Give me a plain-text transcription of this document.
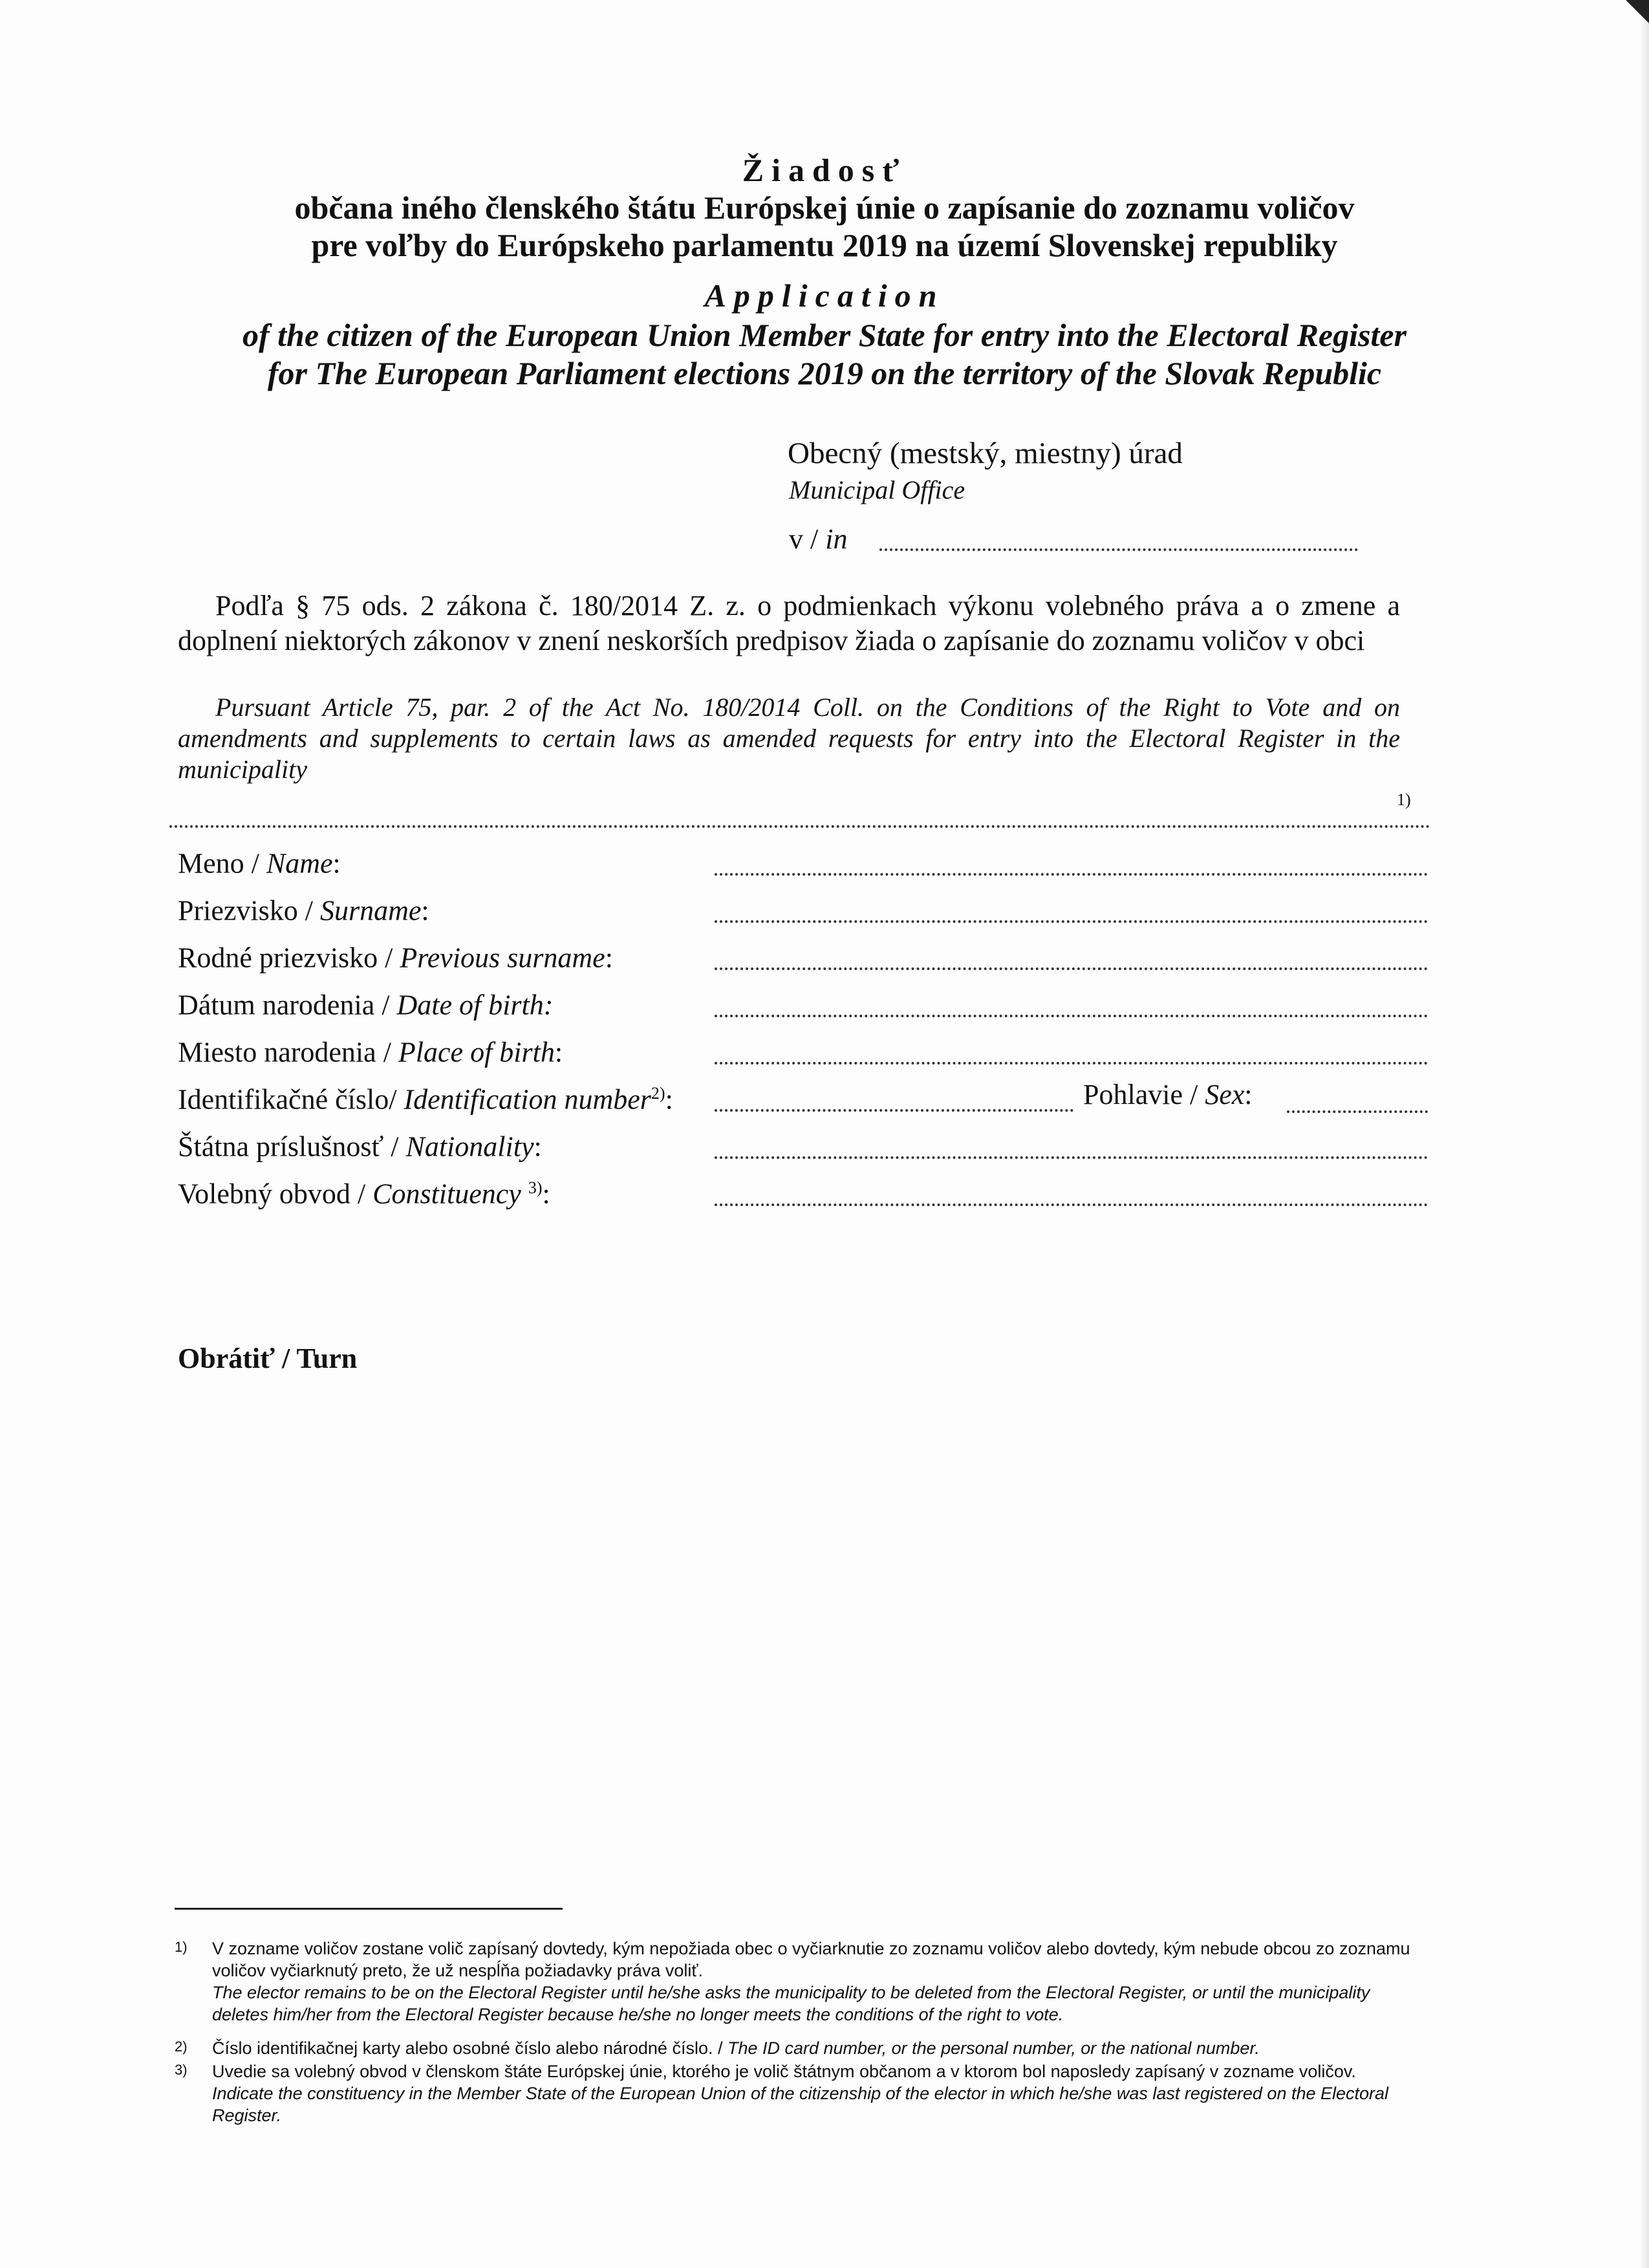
Žiadosť
občana iného členského štátu Európskej únie o zapísanie do zoznamu voličov
pre voľby do Európskeho parlamentu 2019 na území Slovenskej republiky
Application
of the citizen of the European Union Member State for entry into the Electoral Register
for The European Parliament elections 2019 on the territory of the Slovak Republic
Obecný (mestský, miestny) úrad
Municipal Office
v / in
Podľa § 75 ods. 2 zákona č. 180/2014 Z. z. o podmienkach výkonu volebného práva a o zmene a doplnení niektorých zákonov v znení neskorších predpisov žiada o zapísanie do zoznamu voličov v obci
Pursuant Article 75, par. 2 of the Act No. 180/2014 Coll. on the Conditions of the Right to Vote and on amendments and supplements to certain laws as amended requests for entry into the Electoral Register in the municipality
1)
Meno / Name:
Priezvisko / Surname:
Rodné priezvisko / Previous surname:
Dátum narodenia / Date of birth:
Miesto narodenia / Place of birth:
Identifikačné číslo/ Identification number$^{2)}$:
Štátna príslušnosť / Nationality:
Volebný obvod / Constituency $^{3)}$:
Pohlavie / Sex:
Obrátiť / Turn
1) V zozname voličov zostane volič zapísaný dovtedy, kým nepožiada obec o vyčiarknutie zo zoznamu voličov alebo dovtedy, kým nebude obcou zo zoznamu voličov vyčiarknutý preto, že už nespĺňa požiadavky práva voliť.
The elector remains to be on the Electoral Register until he/she asks the municipality to be deleted from the Electoral Register, or until the municipality deletes him/her from the Electoral Register because he/she no longer meets the conditions of the right to vote.
2) Číslo identifikačnej karty alebo osobné číslo alebo národné číslo. / The ID card number, or the personal number, or the national number.
3) Uvedie sa volebný obvod v členskom štáte Európskej únie, ktorého je volič štátnym občanom a v ktorom bol naposledy zapísaný v zozname voličov.
Indicate the constituency in the Member State of the European Union of the citizenship of the elector in which he/she was last registered on the Electoral Register.
